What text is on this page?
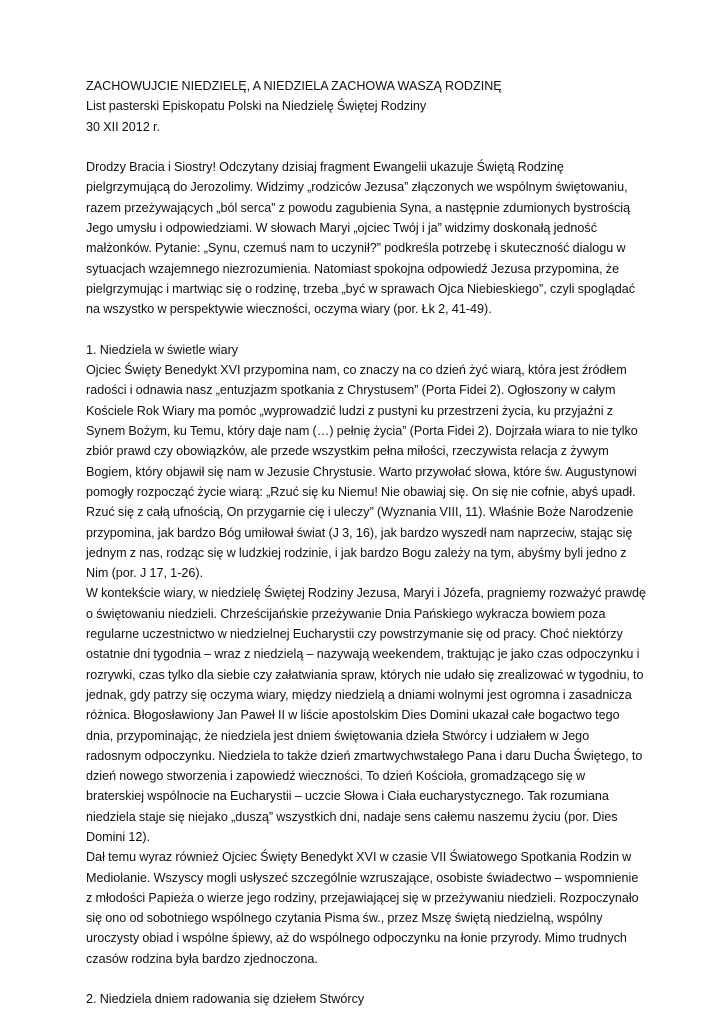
ZACHOWUJCIE NIEDZIELĘ, A NIEDZIELA ZACHOWA WASZĄ RODZINĘ

List pasterski Episkopatu Polski na Niedzielę Świętej Rodziny

30 XII 2012 r.

Drodzy Bracia i Siostry! Odczytany dzisiaj fragment Ewangelii ukazuje Świętą Rodzinę pielgrzymującą do Jerozolimy. Widzimy „rodziców Jezusa” złączonych we wspólnym świętowaniu, razem przeżywających „ból serca” z powodu zagubienia Syna, a następnie zdumionych bystrością Jego umysłu i odpowiedziami. W słowach Maryi „ojciec Twój i ja” widzimy doskonałą jedność małżonków. Pytanie: „Synu, czemuś nam to uczynił?” podkreśla potrzebę i skuteczność dialogu w sytuacjach wzajemnego niezrozumienia. Natomiast spokojna odpowiedź Jezusa przypomina, że pielgrzymując i martwiąc się o rodzinę, trzeba „być w sprawach Ojca Niebieskiego”, czyli spoglądać na wszystko w perspektywie wieczności, oczyma wiary (por. Łk 2, 41-49).

1. Niedziela w świetle wiary

Ojciec Święty Benedykt XVI przypomina nam, co znaczy na co dzień żyć wiarą, która jest źródłem radości i odnawia nasz „entuzjazm spotkania z Chrystusem” (Porta Fidei 2). Ogłoszony w całym Kościele Rok Wiary ma pomóc „wyprowadzić ludzi z pustyni ku przestrzeni życia, ku przyjaźni z Synem Bożym, ku Temu, który daje nam (…) pełnię życia” (Porta Fidei 2). Dojrzała wiara to nie tylko zbiór prawd czy obowiązków, ale przede wszystkim pełna miłości, rzeczywista relacja z żywym Bogiem, który objawił się nam w Jezusie Chrystusie. Warto przywołać słowa, które św. Augustynowi pomogły rozpocząć życie wiarą: „Rzuć się ku Niemu! Nie obawiaj się. On się nie cofnie, abyś upadł. Rzuć się z całą ufnością, On przygarnie cię i uleczy” (Wyznania VIII, 11). Właśnie Boże Narodzenie przypomina, jak bardzo Bóg umiłował świat (J 3, 16), jak bardzo wyszedł nam naprzeciw, stając się jednym z nas, rodząc się w ludzkiej rodzinie, i jak bardzo Bogu zależy na tym, abyśmy byli jedno z Nim (por. J 17, 1-26).

W kontekście wiary, w niedzielę Świętej Rodziny Jezusa, Maryi i Józefa, pragniemy rozważyć prawdę o świętowaniu niedzieli. Chrześcijańskie przeżywanie Dnia Pańskiego wykracza bowiem poza regularne uczestnictwo w niedzielnej Eucharystii czy powstrzymanie się od pracy. Choć niektórzy ostatnie dni tygodnia – wraz z niedzielą – nazywają weekendem, traktując je jako czas odpoczynku i rozrywki, czas tylko dla siebie czy załatwiania spraw, których nie udało się zrealizować w tygodniu, to jednak, gdy patrzy się oczyma wiary, między niedzielą a dniami wolnymi jest ogromna i zasadnicza różnica. Błogosławiony Jan Paweł II w liście apostolskim Dies Domini ukazał całe bogactwo tego dnia, przypominając, że niedziela jest dniem świętowania dzieła Stwórcy i udziałem w Jego radosnym odpoczynku. Niedziela to także dzień zmartwychwstałego Pana i daru Ducha Świętego, to dzień nowego stworzenia i zapowiedź wieczności. To dzień Kościoła, gromadzącego się w braterskiej wspólnocie na Eucharystii – uczcie Słowa i Ciała eucharystycznego. Tak rozumiana niedziela staje się niejako „duszą” wszystkich dni, nadaje sens całemu naszemu życiu (por. Dies Domini 12).

Dał temu wyraz również Ojciec Święty Benedykt XVI w czasie VII Światowego Spotkania Rodzin w Mediolanie. Wszyscy mogli usłyszeć szczególnie wzruszające, osobiste świadectwo – wspomnienie z młodości Papieża o wierze jego rodziny, przejawiającej się w przeżywaniu niedzieli. Rozpoczynało się ono od sobotniego wspólnego czytania Pisma św., przez Mszę świętą niedzielną, wspólny uroczysty obiad i wspólne śpiewy, aż do wspólnego odpoczynku na łonie przyrody. Mimo trudnych czasów rodzina była bardzo zjednoczona.

2. Niedziela dniem radowania się dziełem Stwórcy
